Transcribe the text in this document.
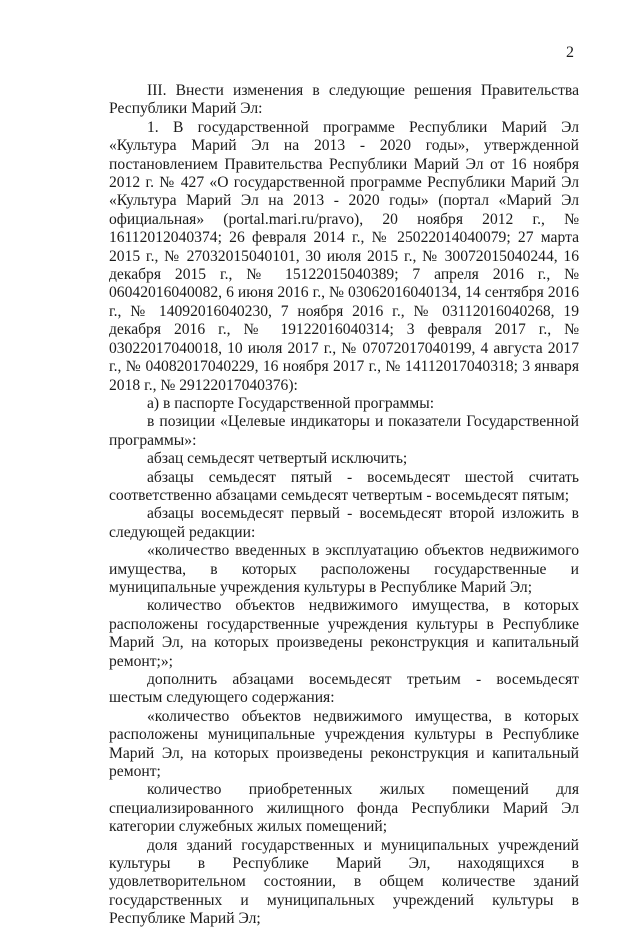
2

III. Внести изменения в следующие решения Правительства Республики Марий Эл:

1. В государственной программе Республики Марий Эл «Культура Марий Эл на 2013 - 2020 годы», утвержденной постановлением Правительства Республики Марий Эл от 16 ноября 2012 г. № 427 «О государственной программе Республики Марий Эл «Культура Марий Эл на 2013 - 2020 годы» (портал «Марий Эл официальная» (portal.mari.ru/pravo), 20 ноября 2012 г., № 16112012040374; 26 февраля 2014 г., № 25022014040079; 27 марта 2015 г., № 27032015040101, 30 июля 2015 г., № 30072015040244, 16 декабря 2015 г., № 15122015040389; 7 апреля 2016 г., № 06042016040082, 6 июня 2016 г., № 03062016040134, 14 сентября 2016 г., № 14092016040230, 7 ноября 2016 г., № 03112016040268, 19 декабря 2016 г., № 19122016040314; 3 февраля 2017 г., № 03022017040018, 10 июля 2017 г., № 07072017040199, 4 августа 2017 г., № 04082017040229, 16 ноября 2017 г., № 14112017040318; 3 января 2018 г., № 29122017040376):

а) в паспорте Государственной программы:

в позиции «Целевые индикаторы и показатели Государственной программы»:

абзац семьдесят четвертый исключить;

абзацы семьдесят пятый - восемьдесят шестой считать соответственно абзацами семьдесят четвертым - восемьдесят пятым;

абзацы восемьдесят первый - восемьдесят второй изложить в следующей редакции:

«количество введенных в эксплуатацию объектов недвижимого имущества, в которых расположены государственные и муниципальные учреждения культуры в Республике Марий Эл;

количество объектов недвижимого имущества, в которых расположены государственные учреждения культуры в Республике Марий Эл, на которых произведены реконструкция и капитальный ремонт;»;

дополнить абзацами восемьдесят третьим - восемьдесят шестым следующего содержания:

«количество объектов недвижимого имущества, в которых расположены муниципальные учреждения культуры в Республике Марий Эл, на которых произведены реконструкция и капитальный ремонт;

количество приобретенных жилых помещений для специализированного жилищного фонда Республики Марий Эл категории служебных жилых помещений;

доля зданий государственных и муниципальных учреждений культуры в Республике Марий Эл, находящихся в удовлетворительном состоянии, в общем количестве зданий государственных и муниципальных учреждений культуры в Республике Марий Эл;
